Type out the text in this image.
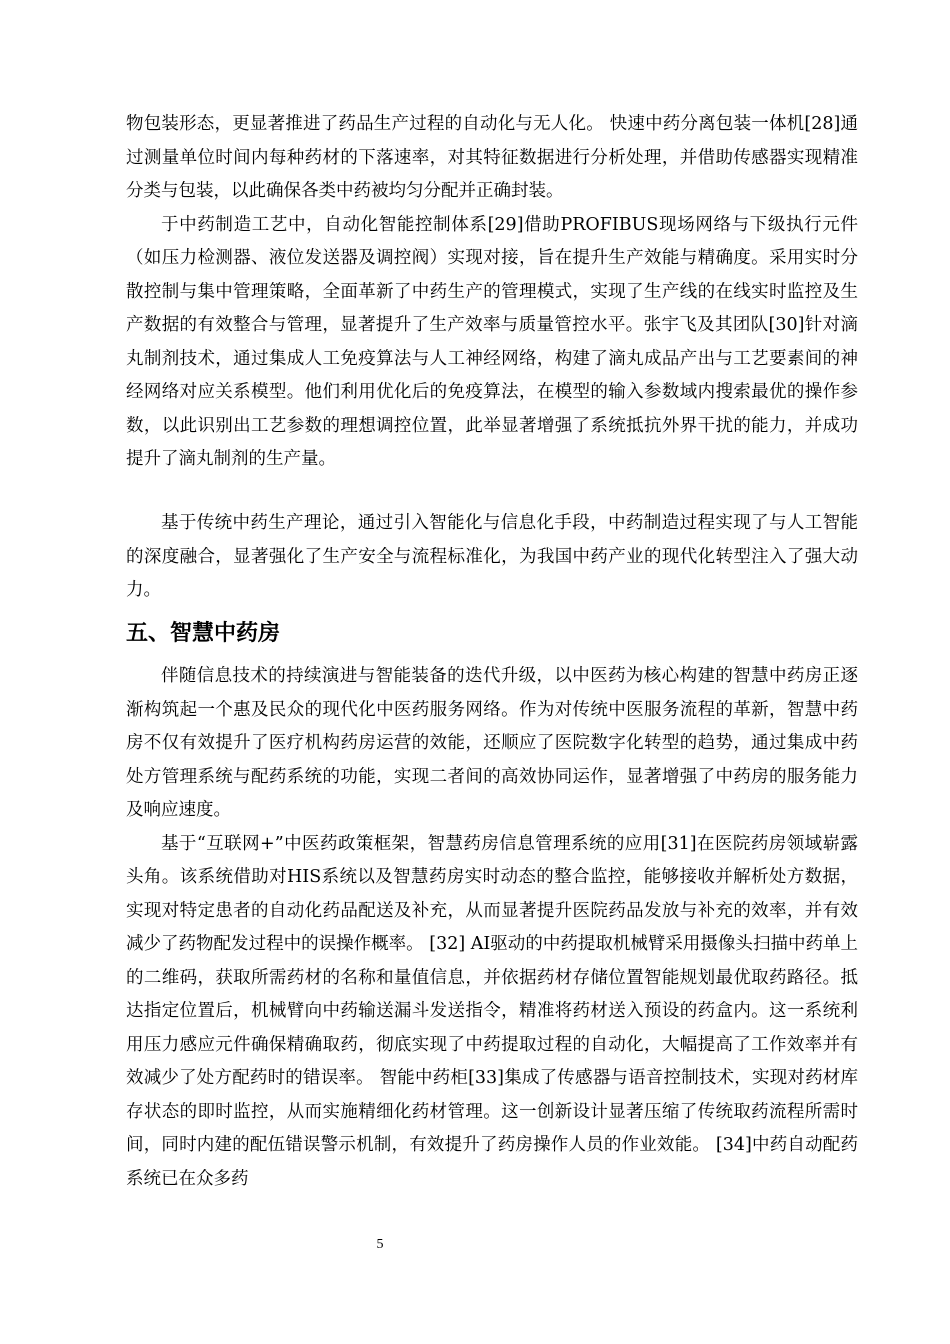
物包装形态，更显著推进了药品生产过程的自动化与无人化。 快速中药分离包装一体机[28]通过测量单位时间内每种药材的下落速率，对其特征数据进行分析处理，并借助传感器实现精准分类与包装，以此确保各类中药被均匀分配并正确封装。

于中药制造工艺中，自动化智能控制体系[29]借助PROFIBUS现场网络与下级执行元件（如压力检测器、液位发送器及调控阀）实现对接，旨在提升生产效能与精确度。采用实时分散控制与集中管理策略，全面革新了中药生产的管理模式，实现了生产线的在线实时监控及生产数据的有效整合与管理，显著提升了生产效率与质量管控水平。张宇飞及其团队[30]针对滴丸制剂技术，通过集成人工免疫算法与人工神经网络，构建了滴丸成品产出与工艺要素间的神经网络对应关系模型。他们利用优化后的免疫算法，在模型的输入参数域内搜索最优的操作参数，以此识别出工艺参数的理想调控位置，此举显著增强了系统抵抗外界干扰的能力，并成功提升了滴丸制剂的生产量。

基于传统中药生产理论，通过引入智能化与信息化手段，中药制造过程实现了与人工智能的深度融合，显著强化了生产安全与流程标准化，为我国中药产业的现代化转型注入了强大动力。

五、智慧中药房

伴随信息技术的持续演进与智能装备的迭代升级，以中医药为核心构建的智慧中药房正逐渐构筑起一个惠及民众的现代化中医药服务网络。作为对传统中医服务流程的革新，智慧中药房不仅有效提升了医疗机构药房运营的效能，还顺应了医院数字化转型的趋势，通过集成中药处方管理系统与配药系统的功能，实现二者间的高效协同运作，显著增强了中药房的服务能力及响应速度。

基于“互联网+”中医药政策框架，智慧药房信息管理系统的应用[31]在医院药房领域崭露头角。该系统借助对HIS系统以及智慧药房实时动态的整合监控，能够接收并解析处方数据，实现对特定患者的自动化药品配送及补充，从而显著提升医院药品发放与补充的效率，并有效减少了药物配发过程中的误操作概率。 [32] AI驱动的中药提取机械臂采用摄像头扫描中药单上的二维码，获取所需药材的名称和量值信息，并依据药材存储位置智能规划最优取药路径。抵达指定位置后，机械臂向中药输送漏斗发送指令，精准将药材送入预设的药盒内。这一系统利用压力感应元件确保精确取药，彻底实现了中药提取过程的自动化，大幅提高了工作效率并有效减少了处方配药时的错误率。 智能中药柜[33]集成了传感器与语音控制技术，实现对药材库存状态的即时监控，从而实施精细化药材管理。这一创新设计显著压缩了传统取药流程所需时间，同时内建的配伍错误警示机制，有效提升了药房操作人员的作业效能。 [34]中药自动配药系统已在众多药

5
